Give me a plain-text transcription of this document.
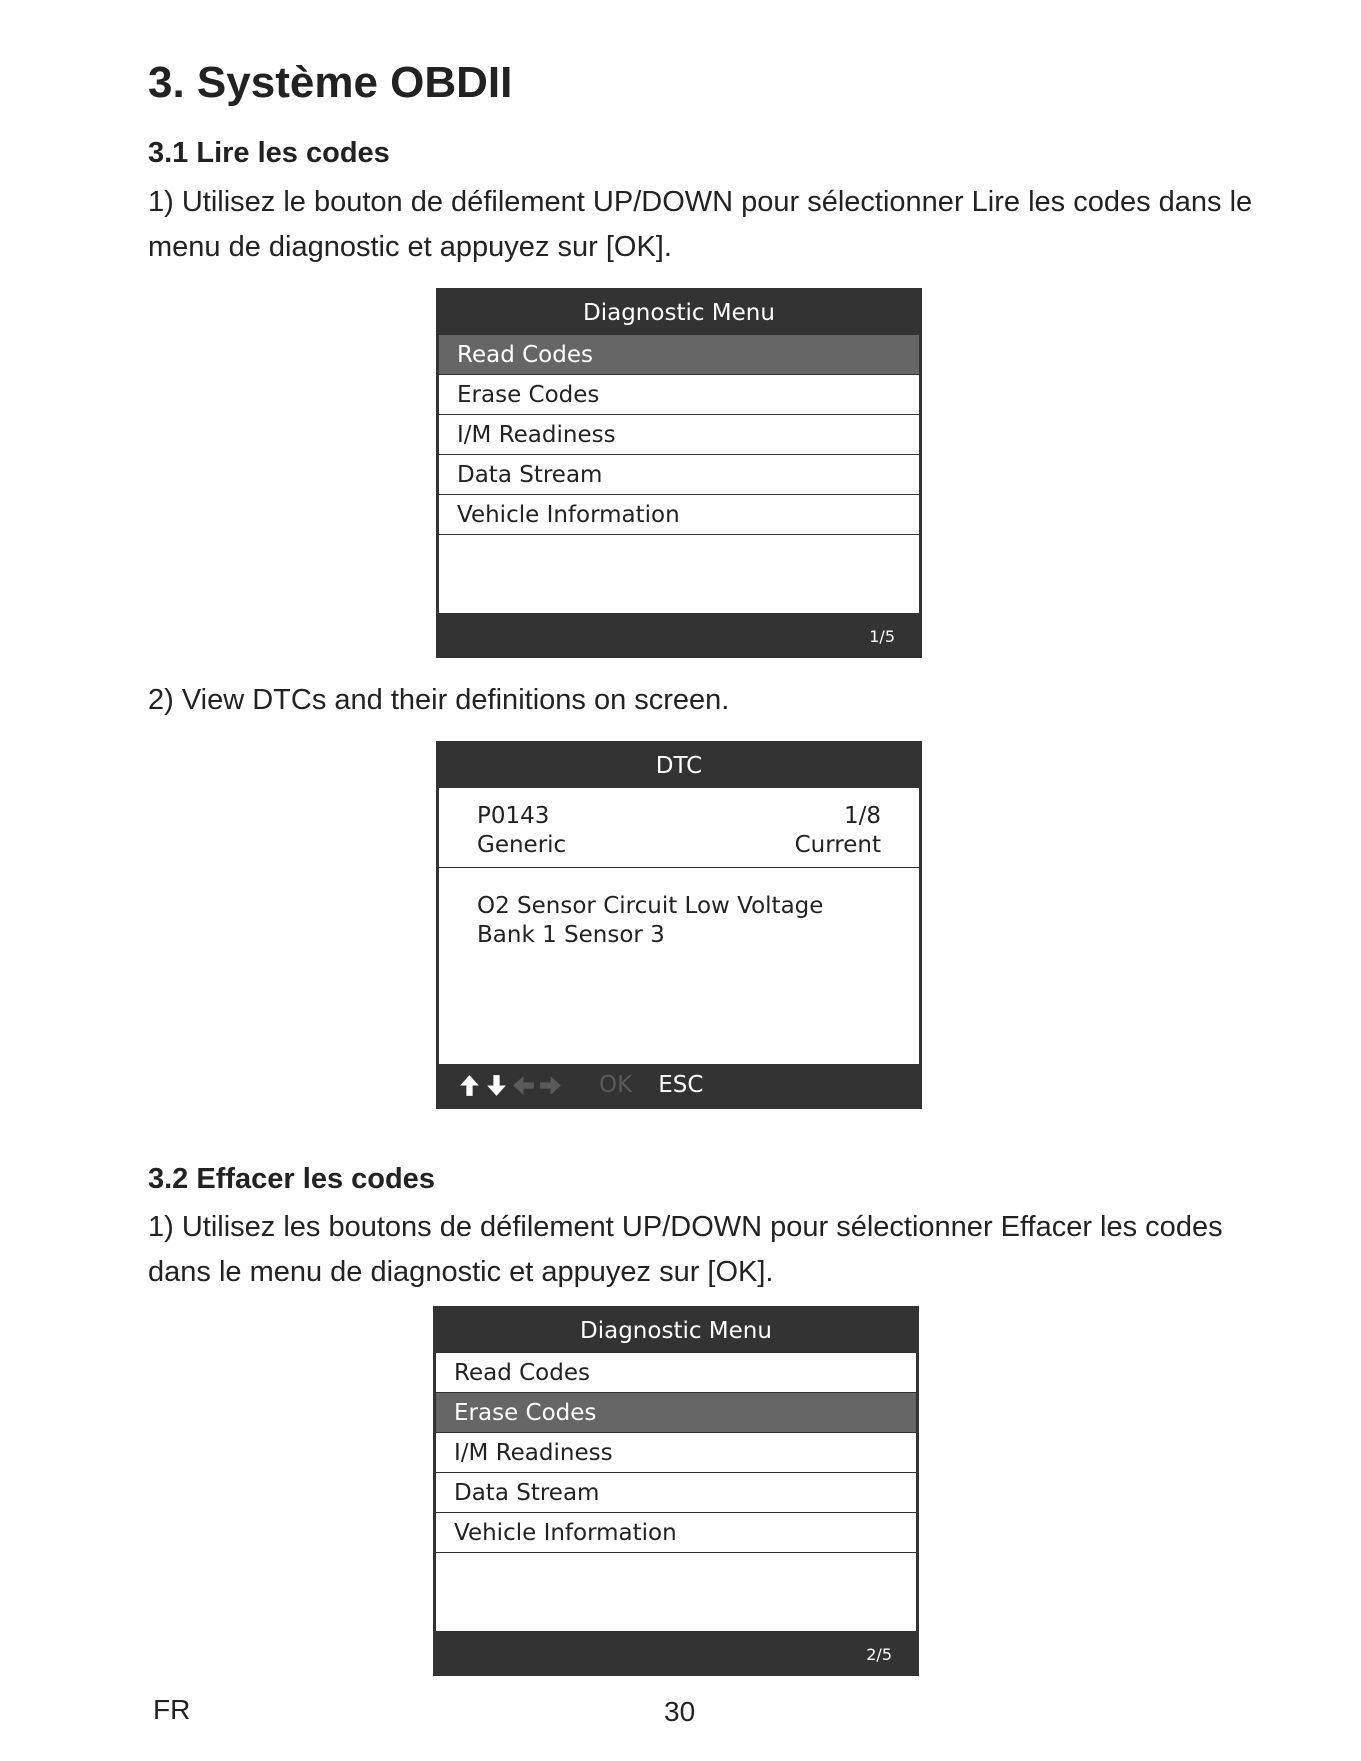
3. Système OBDII
3.1 Lire les codes

1) Utilisez le bouton de défilement UP/DOWN pour sélectionner Lire les codes dans le menu de diagnostic et appuyez sur [OK].

Diagnostic Menu
Read Codes
Erase Codes
I/M Readiness
Data Stream
Vehicle Information
1/5

2) View DTCs and their definitions on screen.

DTC
P0143	1/8
Generic	Current
O2 Sensor Circuit Low Voltage
Bank 1 Sensor 3
OK ESC
3.2 Effacer les codes

1) Utilisez les boutons de défilement UP/DOWN pour sélectionner Effacer les codes dans le menu de diagnostic et appuyez sur [OK].

Diagnostic Menu
Read Codes
Erase Codes
I/M Readiness
Data Stream
Vehicle Information
2/5
FR	30
